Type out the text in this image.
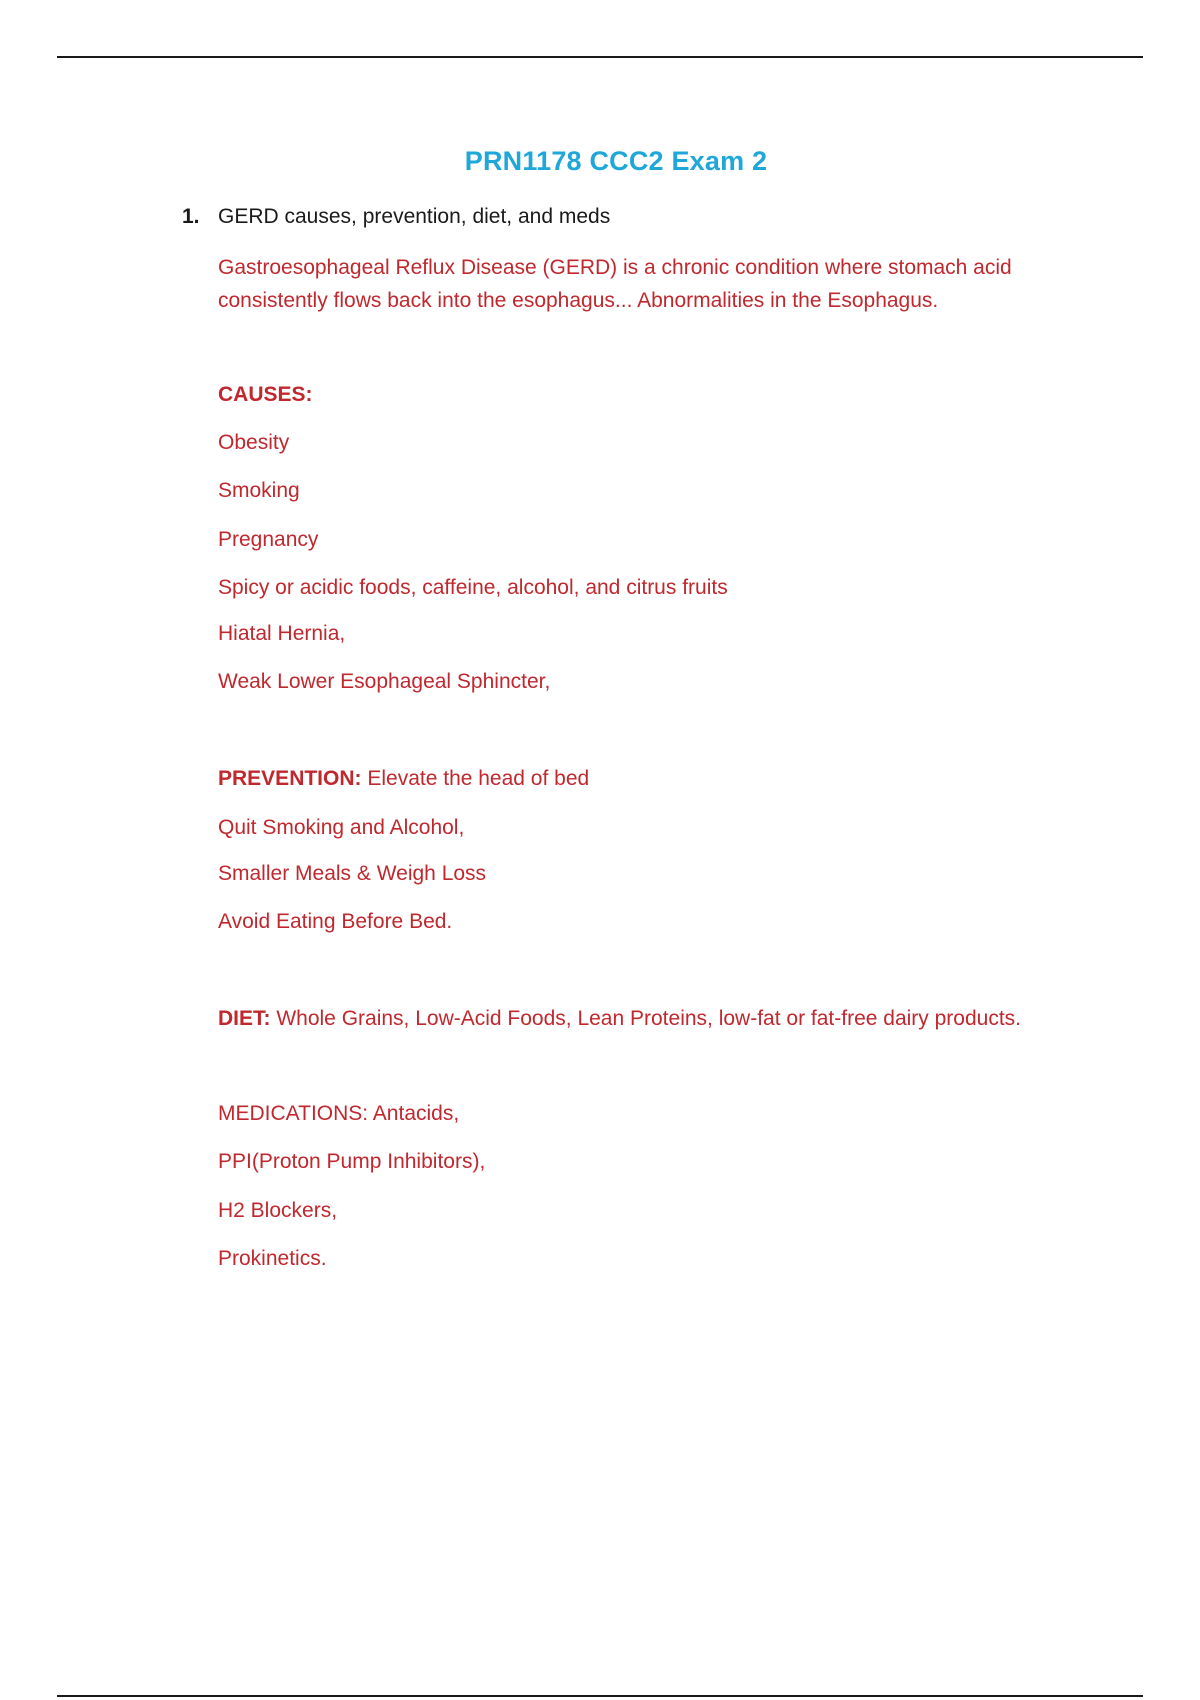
PRN1178 CCC2 Exam 2
1. GERD causes, prevention, diet, and meds
Gastroesophageal Reflux Disease (GERD) is a chronic condition where stomach acid consistently flows back into the esophagus... Abnormalities in the Esophagus.
CAUSES:
Obesity
Smoking
Pregnancy
Spicy or acidic foods, caffeine, alcohol, and citrus fruits
Hiatal Hernia,
Weak Lower Esophageal Sphincter,
PREVENTION: Elevate the head of bed
Quit Smoking and Alcohol,
Smaller Meals & Weigh Loss
Avoid Eating Before Bed.
DIET: Whole Grains, Low-Acid Foods, Lean Proteins, low-fat or fat-free dairy products.
MEDICATIONS: Antacids,
PPI(Proton Pump Inhibitors),
H2 Blockers,
Prokinetics.
